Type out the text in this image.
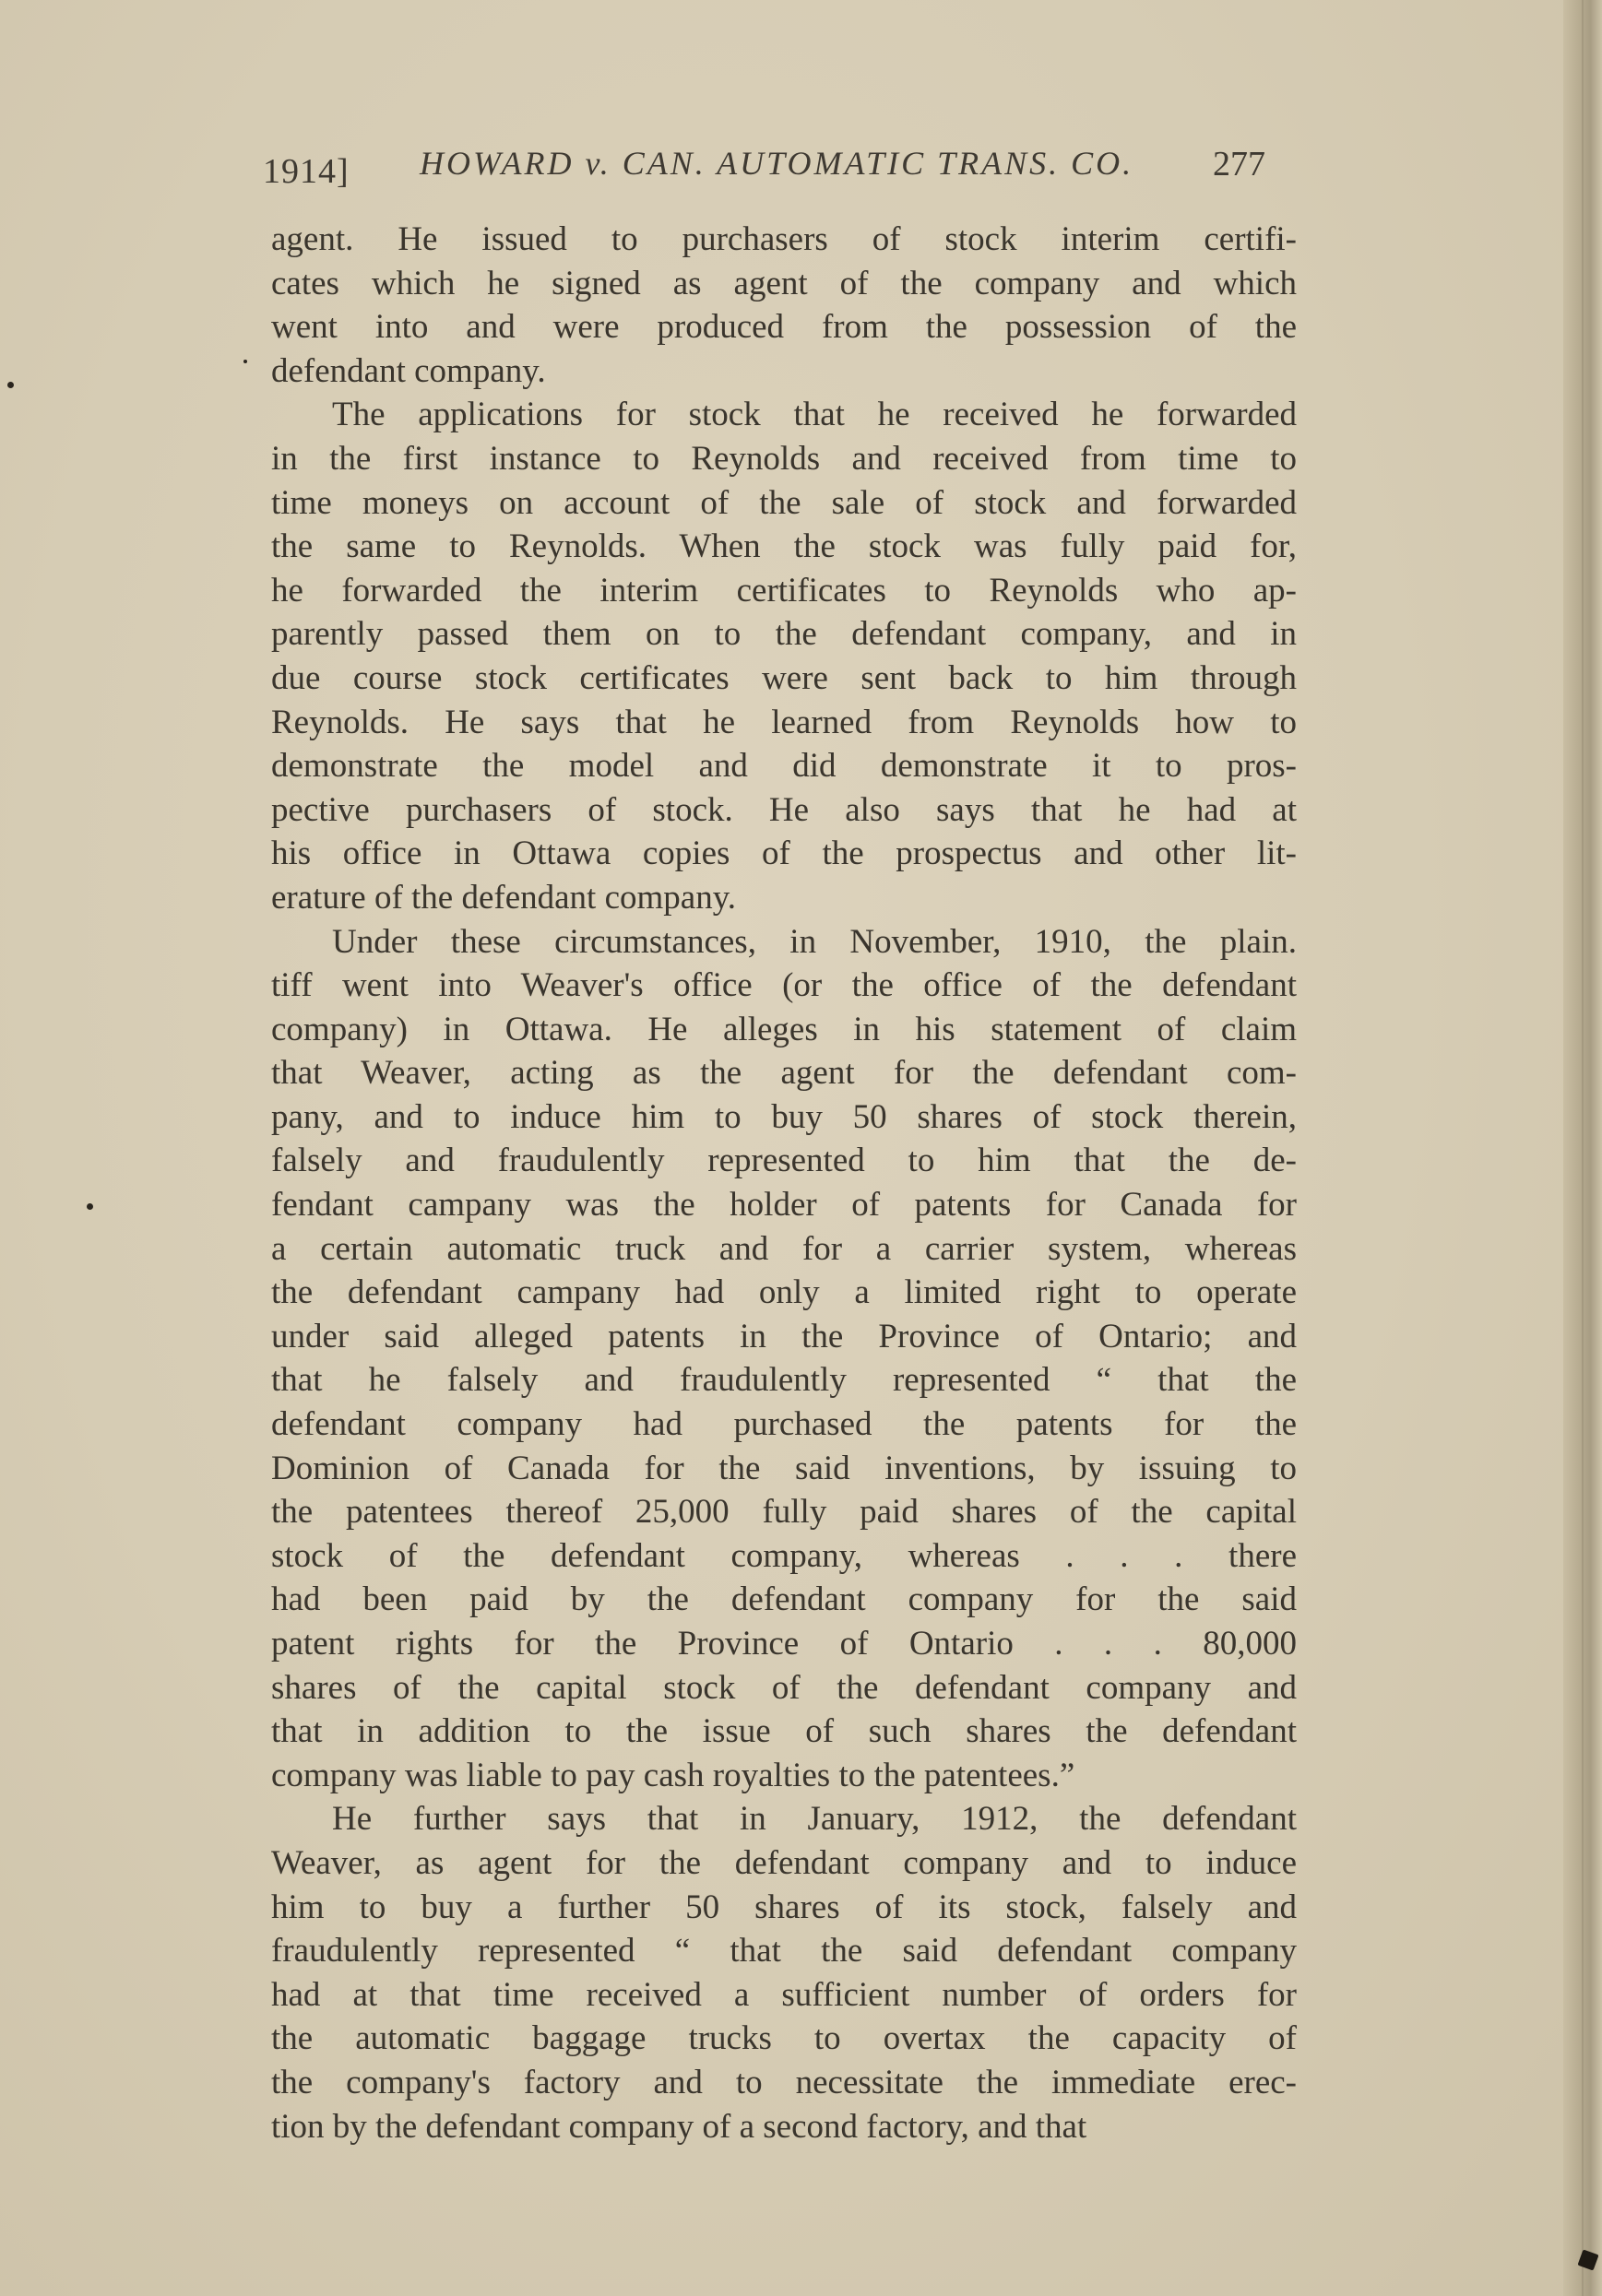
1914] HOWARD v. CAN. AUTOMATIC TRANS. CO. 277
agent. He issued to purchasers of stock interim certifi-
cates which he signed as agent of the company and which
went into and were produced from the possession of the
defendant company.
The applications for stock that he received he forwarded
in the first instance to Reynolds and received from time to
time moneys on account of the sale of stock and forwarded
the same to Reynolds. When the stock was fully paid for,
he forwarded the interim certificates to Reynolds who ap-
parently passed them on to the defendant company, and in
due course stock certificates were sent back to him through
Reynolds. He says that he learned from Reynolds how to
demonstrate the model and did demonstrate it to pros-
pective purchasers of stock. He also says that he had at
his office in Ottawa copies of the prospectus and other lit-
erature of the defendant company.
Under these circumstances, in November, 1910, the plain.
tiff went into Weaver's office (or the office of the defendant
company) in Ottawa. He alleges in his statement of claim
that Weaver, acting as the agent for the defendant com-
pany, and to induce him to buy 50 shares of stock therein,
falsely and fraudulently represented to him that the de-
fendant campany was the holder of patents for Canada for
a certain automatic truck and for a carrier system, whereas
the defendant campany had only a limited right to operate
under said alleged patents in the Province of Ontario; and
that he falsely and fraudulently represented “ that the
defendant company had purchased the patents for the
Dominion of Canada for the said inventions, by issuing to
the patentees thereof 25,000 fully paid shares of the capital
stock of the defendant company, whereas . . . there
had been paid by the defendant company for the said
patent rights for the Province of Ontario . . . 80,000
shares of the capital stock of the defendant company and
that in addition to the issue of such shares the defendant
company was liable to pay cash royalties to the patentees.”
He further says that in January, 1912, the defendant
Weaver, as agent for the defendant company and to induce
him to buy a further 50 shares of its stock, falsely and
fraudulently represented “ that the said defendant company
had at that time received a sufficient number of orders for
the automatic baggage trucks to overtax the capacity of
the company's factory and to necessitate the immediate erec-
tion by the defendant company of a second factory, and that
